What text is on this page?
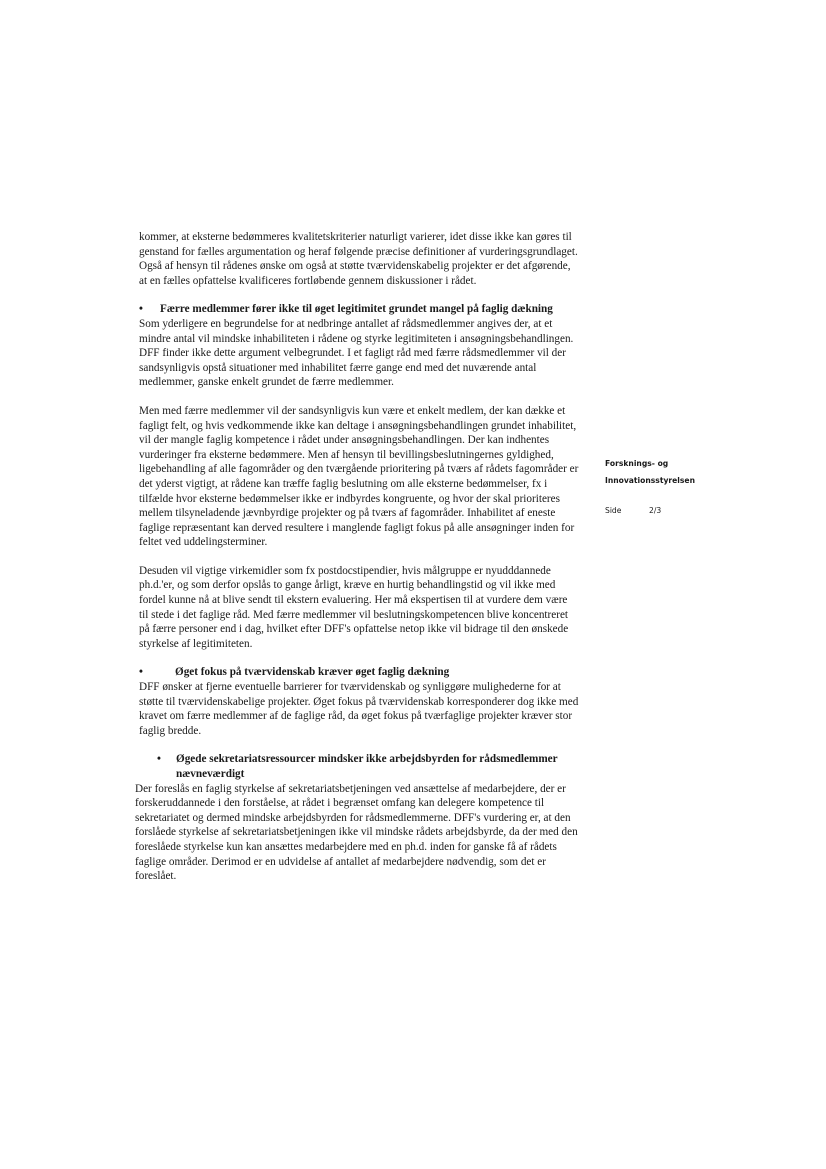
Forsknings- og

Innovationsstyrelsen

Side	2/3

kommer, at eksterne bedømmeres kvalitetskriterier naturligt varierer, idet disse ikke kan gøres til genstand for fælles argumentation og heraf følgende præcise definitioner af vurderingsgrundlaget. Også af hensyn til rådenes ønske om også at støtte tværvidenskabelig projekter er det afgørende, at en fælles opfattelse kvalificeres fortløbende gennem diskussioner i rådet.

• Færre medlemmer fører ikke til øget legitimitet grundet mangel på faglig dækning

Som yderligere en begrundelse for at nedbringe antallet af rådsmedlemmer angives der, at et mindre antal vil mindske inhabiliteten i rådene og styrke legitimiteten i ansøgningsbehandlingen. DFF finder ikke dette argument velbegrundet. I et fagligt råd med færre rådsmedlemmer vil der sandsynligvis opstå situationer med inhabilitet færre gange end med det nuværende antal medlemmer, ganske enkelt grundet de færre medlemmer.

Men med færre medlemmer vil der sandsynligvis kun være et enkelt medlem, der kan dække et fagligt felt, og hvis vedkommende ikke kan deltage i ansøgningsbehandlingen grundet inhabilitet, vil der mangle faglig kompetence i rådet under ansøgningsbehandlingen. Der kan indhentes vurderinger fra eksterne bedømmere. Men af hensyn til bevillingsbeslutningernes gyldighed, ligebehandling af alle fagområder og den tværgående prioritering på tværs af rådets fagområder er det yderst vigtigt, at rådene kan træffe faglig beslutning om alle eksterne bedømmelser, fx i tilfælde hvor eksterne bedømmelser ikke er indbyrdes kongruente, og hvor der skal prioriteres mellem tilsyneladende jævnbyrdige projekter og på tværs af fagområder. Inhabilitet af eneste faglige repræsentant kan derved resultere i manglende fagligt fokus på alle ansøgninger inden for feltet ved uddelingsterminer.

Desuden vil vigtige virkemidler som fx postdocstipendier, hvis målgruppe er nyudddannede ph.d.'er, og som derfor opslås to gange årligt, kræve en hurtig behandlingstid og vil ikke med fordel kunne nå at blive sendt til ekstern evaluering. Her må ekspertisen til at vurdere dem være til stede i det faglige råd. Med færre medlemmer vil beslutningskompetencen blive koncentreret på færre personer end i dag, hvilket efter DFF's opfattelse netop ikke vil bidrage til den ønskede styrkelse af legitimiteten.

•	Øget fokus på tværvidenskab kræver øget faglig dækning

DFF ønsker at fjerne eventuelle barrierer for tværvidenskab og synliggøre mulighederne for at støtte til tværvidenskabelige projekter. Øget fokus på tværvidenskab korresponderer dog ikke med kravet om færre medlemmer af de faglige råd, da øget fokus på tværfaglige projekter kræver stor faglig bredde.

• Øgede sekretariatsressourcer mindsker ikke arbejdsbyrden for rådsmedlemmer nævneværdigt

Der foreslås en faglig styrkelse af sekretariatsbetjeningen ved ansættelse af medarbejdere, der er forskeruddannede i den forståelse, at rådet i begrænset omfang kan delegere kompetence til sekretariatet og dermed mindske arbejdsbyrden for rådsmedlemmerne. DFF's vurdering er, at den forslåede styrkelse af sekretariatsbetjeningen ikke vil mindske rådets arbejdsbyrde, da der med den foreslåede styrkelse kun kan ansættes medarbejdere med en ph.d. inden for ganske få af rådets faglige områder. Derimod er en udvidelse af antallet af medarbejdere nødvendig, som det er foreslået.
